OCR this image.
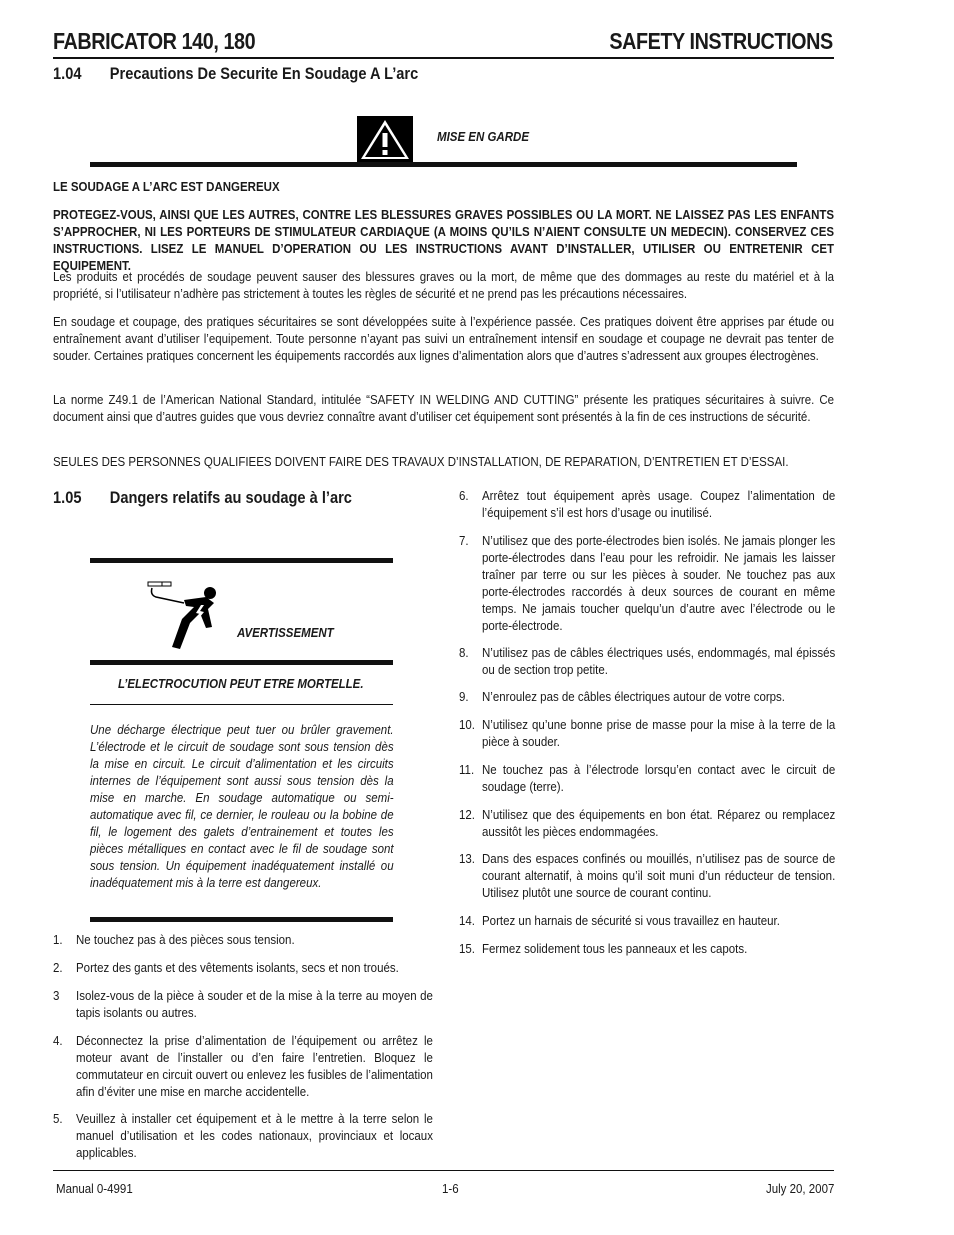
FABRICATOR 140, 180	SAFETY INSTRUCTIONS
1.04 Precautions De Securite En Soudage A L’arc
MISE EN GARDE
LE SOUDAGE A L’ARC EST DANGEREUX
PROTEGEZ-VOUS, AINSI QUE LES AUTRES, CONTRE LES BLESSURES GRAVES POSSIBLES OU LA MORT. NE LAISSEZ PAS LES ENFANTS S’APPROCHER, NI LES PORTEURS DE STIMULATEUR CARDIAQUE (A MOINS QU’ILS N’AIENT CONSULTE UN MEDECIN). CONSERVEZ CES INSTRUCTIONS. LISEZ LE MANUEL D’OPERATION OU LES INSTRUCTIONS AVANT D’INSTALLER, UTILISER OU ENTRETENIR CET EQUIPEMENT.
Les produits et procédés de soudage peuvent sauser des blessures graves ou la mort, de même que des dommages au reste du matériel et à la propriété, si l’utilisateur n’adhère pas strictement à toutes les règles de sécurité et ne prend pas les précautions nécessaires.
En soudage et coupage, des pratiques sécuritaires se sont développées suite à l’expérience passée. Ces pratiques doivent être apprises par étude ou entraînement avant d’utiliser l’equipement. Toute personne n’ayant pas suivi un entraînement intensif en soudage et coupage ne devrait pas tenter de souder. Certaines pratiques concernent les équipements raccordés aux lignes d’alimentation alors que d’autres s’adressent aux groupes électrogènes.
La norme Z49.1 de l’American National Standard, intitulée “SAFETY IN WELDING AND CUTTING” présente les pratiques sécuritaires à suivre. Ce document ainsi que d’autres guides que vous devriez connaître avant d’utiliser cet équipement sont présentés à la fin de ces instructions de sécurité.
SEULES DES PERSONNES QUALIFIEES DOIVENT FAIRE DES TRAVAUX D’INSTALLATION, DE REPARATION, D’ENTRETIEN ET D’ESSAI.
1.05 Dangers relatifs au soudage à l’arc
AVERTISSEMENT
L’ELECTROCUTION PEUT ETRE MORTELLE.
Une décharge électrique peut tuer ou brûler gravement. L’électrode et le circuit de soudage sont sous tension dès la mise en circuit. Le circuit d’alimentation et les circuits internes de l’équipement sont aussi sous tension dès la mise en marche. En soudage automatique ou semi-automatique avec fil, ce dernier, le rouleau ou la bobine de fil, le logement des galets d’entrainement et toutes les pièces métalliques en contact avec le fil de soudage sont sous tension. Un équipement inadéquatement installé ou inadéquatement mis à la terre est dangereux.
1.	Ne touchez pas à des pièces sous tension.
2.	Portez des gants et des vêtements isolants, secs et non troués.
3	Isolez-vous de la pièce à souder et de la mise à la terre au moyen de tapis isolants ou autres.
4.	Déconnectez la prise d’alimentation de l’équipement ou arrêtez le moteur avant de l’installer ou d’en faire l’entretien. Bloquez le commutateur en circuit ouvert ou enlevez les fusibles de l’alimentation afin d’éviter une mise en marche accidentelle.
5.	Veuillez à installer cet équipement et à le mettre à la terre selon le manuel d’utilisation et les codes nationaux, provinciaux et locaux applicables.
6.	Arrêtez tout équipement après usage. Coupez l’alimentation de l’équipement s’il est hors d’usage ou inutilisé.
7.	N’utilisez que des porte-électrodes bien isolés. Ne jamais plonger les porte-électrodes dans l’eau pour les refroidir. Ne jamais les laisser traîner par terre ou sur les pièces à souder. Ne touchez pas aux porte-électrodes raccordés à deux sources de courant en même temps. Ne jamais toucher quelqu’un d’autre avec l’électrode ou le porte-électrode.
8.	N’utilisez pas de câbles électriques usés, endommagés, mal épissés ou de section trop petite.
9.	N’enroulez pas de câbles électriques autour de votre corps.
10. N’utilisez qu’une bonne prise de masse pour la mise à la terre de la pièce à souder.
11. Ne touchez pas à l’électrode lorsqu’en contact avec le circuit de soudage (terre).
12. N’utilisez que des équipements en bon état. Réparez ou remplacez aussitôt les pièces endommagées.
13. Dans des espaces confinés ou mouillés, n’utilisez pas de source de courant alternatif, à moins qu’il soit muni d’un réducteur de tension. Utilisez plutôt une source de courant continu.
14. Portez un harnais de sécurité si vous travaillez en hauteur.
15. Fermez solidement tous les panneaux et les capots.
Manual 0-4991	1-6	July 20, 2007
